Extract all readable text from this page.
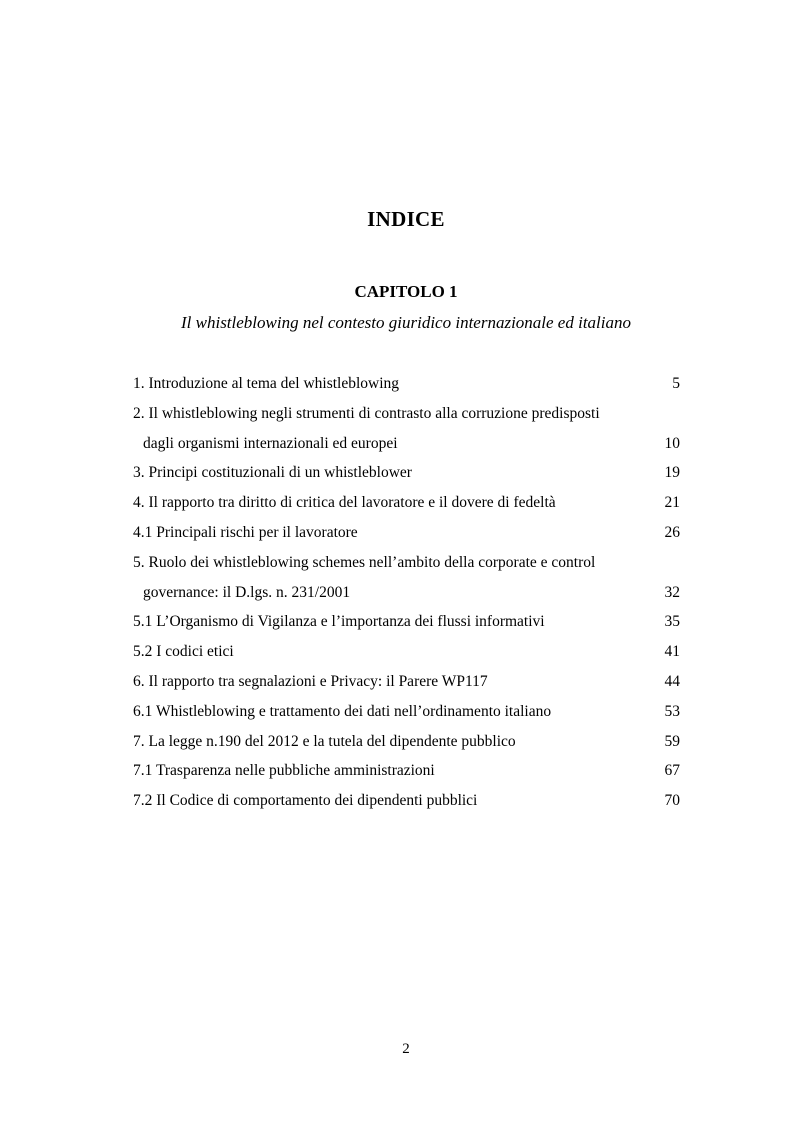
INDICE
CAPITOLO 1
Il whistleblowing nel contesto giuridico internazionale ed italiano
1. Introduzione al tema del whistleblowing	5
2. Il whistleblowing negli strumenti di contrasto alla corruzione predisposti
dagli organismi internazionali ed europei	10
3. Principi costituzionali di un whistleblower	19
4. Il rapporto tra diritto di critica del lavoratore e il dovere di fedeltà	21
4.1 Principali rischi per il lavoratore	26
5. Ruolo dei whistleblowing schemes nell’ambito della corporate e control
governance: il D.lgs. n. 231/2001	32
5.1 L’Organismo di Vigilanza e l’importanza dei flussi informativi	35
5.2 I codici etici	41
6. Il rapporto tra segnalazioni e Privacy: il Parere WP117	44
6.1 Whistleblowing e trattamento dei dati nell’ordinamento italiano	53
7. La legge n.190 del 2012 e la tutela del dipendente pubblico	59
7.1 Trasparenza nelle pubbliche amministrazioni	67
7.2 Il Codice di comportamento dei dipendenti pubblici	70
2
